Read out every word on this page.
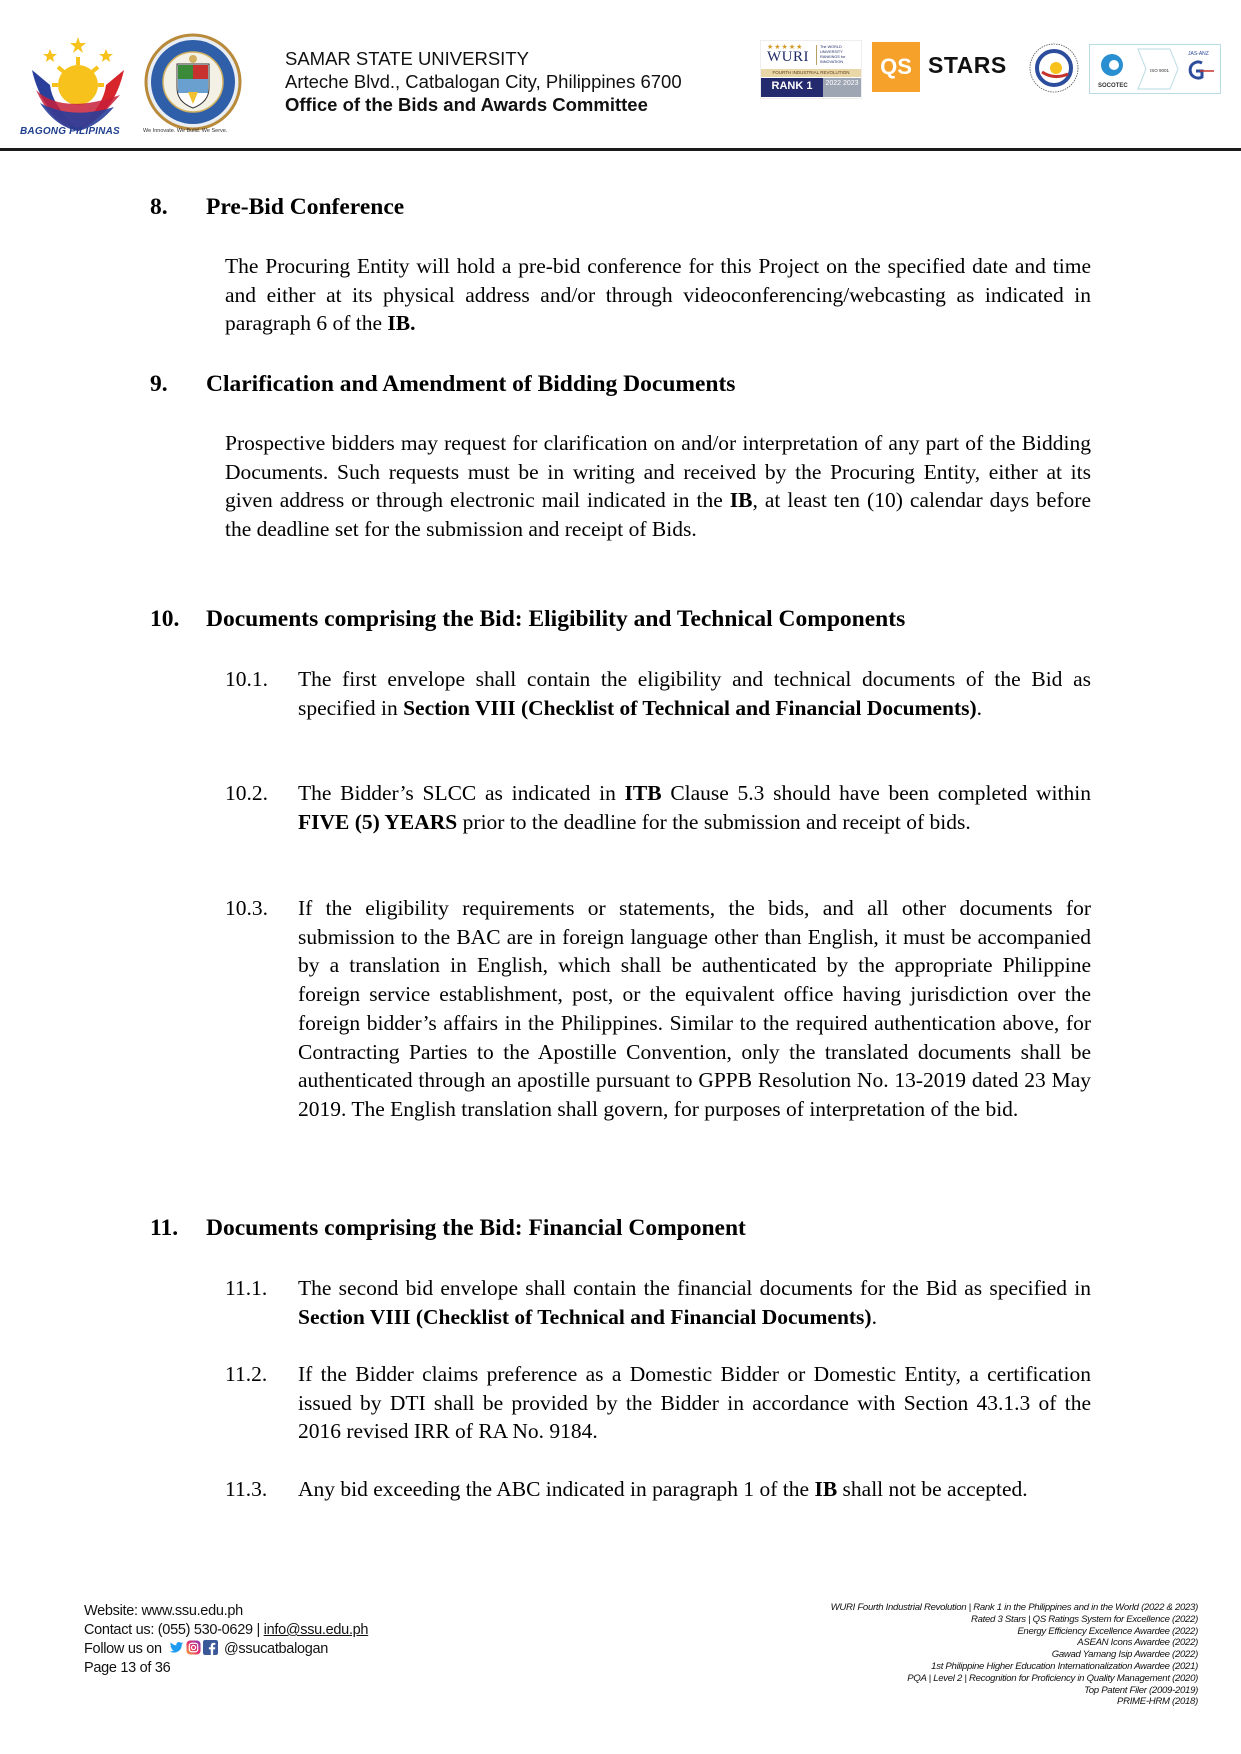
BAGONG PILIPINAS	We Innovate. We Build. We Serve.
SAMAR STATE UNIVERSITY
Arteche Blvd., Catbalogan City, Philippines 6700
Office of the Bids and Awards Committee
★★★★★
WURI
The WORLD UNIVERSITY RANKINGS for INNOVATION
FOURTH INDUSTRIAL REVOLUTION
RANK 1	2022 2023
QS STARS
SOCOTEC
ISO 9001
JAS-ANZ
8. Pre-Bid Conference
The Procuring Entity will hold a pre-bid conference for this Project on the specified date and time and either at its physical address and/or through videoconferencing/webcasting as indicated in paragraph 6 of the IB.
9. Clarification and Amendment of Bidding Documents
Prospective bidders may request for clarification on and/or interpretation of any part of the Bidding Documents. Such requests must be in writing and received by the Procuring Entity, either at its given address or through electronic mail indicated in the IB, at least ten (10) calendar days before the deadline set for the submission and receipt of Bids.
10. Documents comprising the Bid: Eligibility and Technical Components
10.1.	The first envelope shall contain the eligibility and technical documents of the Bid as specified in Section VIII (Checklist of Technical and Financial Documents).
10.2.	The Bidder’s SLCC as indicated in ITB Clause 5.3 should have been completed within FIVE (5) YEARS prior to the deadline for the submission and receipt of bids.
10.3.	If the eligibility requirements or statements, the bids, and all other documents for submission to the BAC are in foreign language other than English, it must be accompanied by a translation in English, which shall be authenticated by the appropriate Philippine foreign service establishment, post, or the equivalent office having jurisdiction over the foreign bidder’s affairs in the Philippines. Similar to the required authentication above, for Contracting Parties to the Apostille Convention, only the translated documents shall be authenticated through an apostille pursuant to GPPB Resolution No. 13-2019 dated 23 May 2019. The English translation shall govern, for purposes of interpretation of the bid.
11. Documents comprising the Bid: Financial Component
11.1.	The second bid envelope shall contain the financial documents for the Bid as specified in Section VIII (Checklist of Technical and Financial Documents).
11.2.	If the Bidder claims preference as a Domestic Bidder or Domestic Entity, a certification issued by DTI shall be provided by the Bidder in accordance with Section 43.1.3 of the 2016 revised IRR of RA No. 9184.
11.3.	Any bid exceeding the ABC indicated in paragraph 1 of the IB shall not be accepted.
Website: www.ssu.edu.ph
Contact us: (055) 530-0629 | info@ssu.edu.ph
Follow us on	@ssucatbalogan
Page 13 of 36
WURI Fourth Industrial Revolution | Rank 1 in the Philippines and in the World (2022 & 2023)
Rated 3 Stars | QS Ratings System for Excellence (2022)
Energy Efficiency Excellence Awardee (2022)
ASEAN Icons Awardee (2022)
Gawad Yamang Isip Awardee (2022)
1st Philippine Higher Education Internationalization Awardee (2021)
PQA | Level 2 | Recognition for Proficiency in Quality Management (2020)
Top Patent Filer (2009-2019)
PRIME-HRM (2018)
